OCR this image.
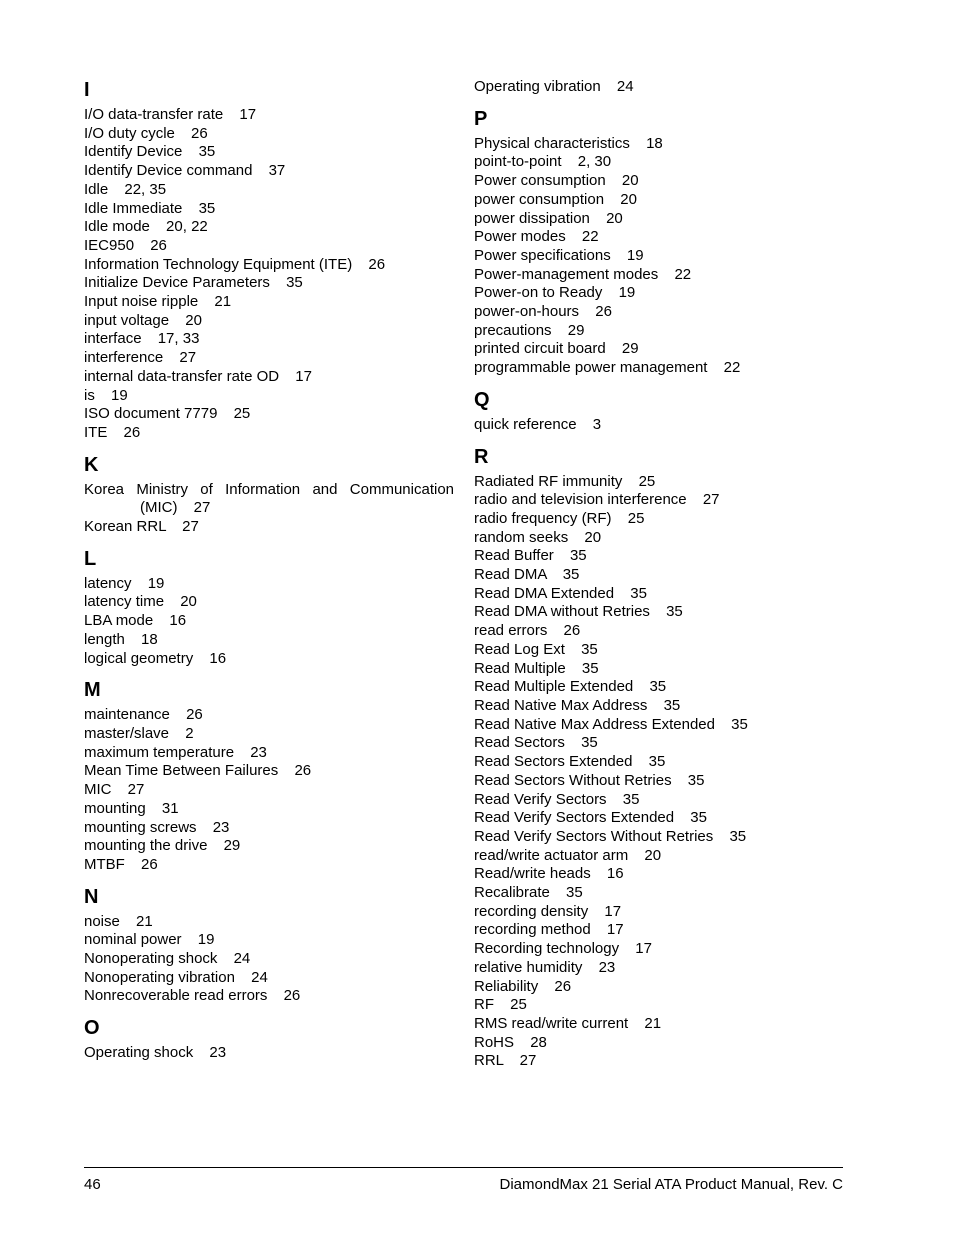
I
I/O data-transfer rate 17
I/O duty cycle 26
Identify Device 35
Identify Device command 37
Idle 22, 35
Idle Immediate 35
Idle mode 20, 22
IEC950 26
Information Technology Equipment (ITE) 26
Initialize Device Parameters 35
Input noise ripple 21
input voltage 20
interface 17, 33
interference 27
internal data-transfer rate OD 17
is 19
ISO document 7779 25
ITE 26
K
Korea Ministry of Information and Communication (MIC) 27
Korean RRL 27
L
latency 19
latency time 20
LBA mode 16
length 18
logical geometry 16
M
maintenance 26
master/slave 2
maximum temperature 23
Mean Time Between Failures 26
MIC 27
mounting 31
mounting screws 23
mounting the drive 29
MTBF 26
N
noise 21
nominal power 19
Nonoperating shock 24
Nonoperating vibration 24
Nonrecoverable read errors 26
O
Operating shock 23
Operating vibration 24
P
Physical characteristics 18
point-to-point 2, 30
Power consumption 20
power consumption 20
power dissipation 20
Power modes 22
Power specifications 19
Power-management modes 22
Power-on to Ready 19
power-on-hours 26
precautions 29
printed circuit board 29
programmable power management 22
Q
quick reference 3
R
Radiated RF immunity 25
radio and television interference 27
radio frequency (RF) 25
random seeks 20
Read Buffer 35
Read DMA 35
Read DMA Extended 35
Read DMA without Retries 35
read errors 26
Read Log Ext 35
Read Multiple 35
Read Multiple Extended 35
Read Native Max Address 35
Read Native Max Address Extended 35
Read Sectors 35
Read Sectors Extended 35
Read Sectors Without Retries 35
Read Verify Sectors 35
Read Verify Sectors Extended 35
Read Verify Sectors Without Retries 35
read/write actuator arm 20
Read/write heads 16
Recalibrate 35
recording density 17
recording method 17
Recording technology 17
relative humidity 23
Reliability 26
RF 25
RMS read/write current 21
RoHS 28
RRL 27
46	DiamondMax 21 Serial ATA Product Manual, Rev. C
